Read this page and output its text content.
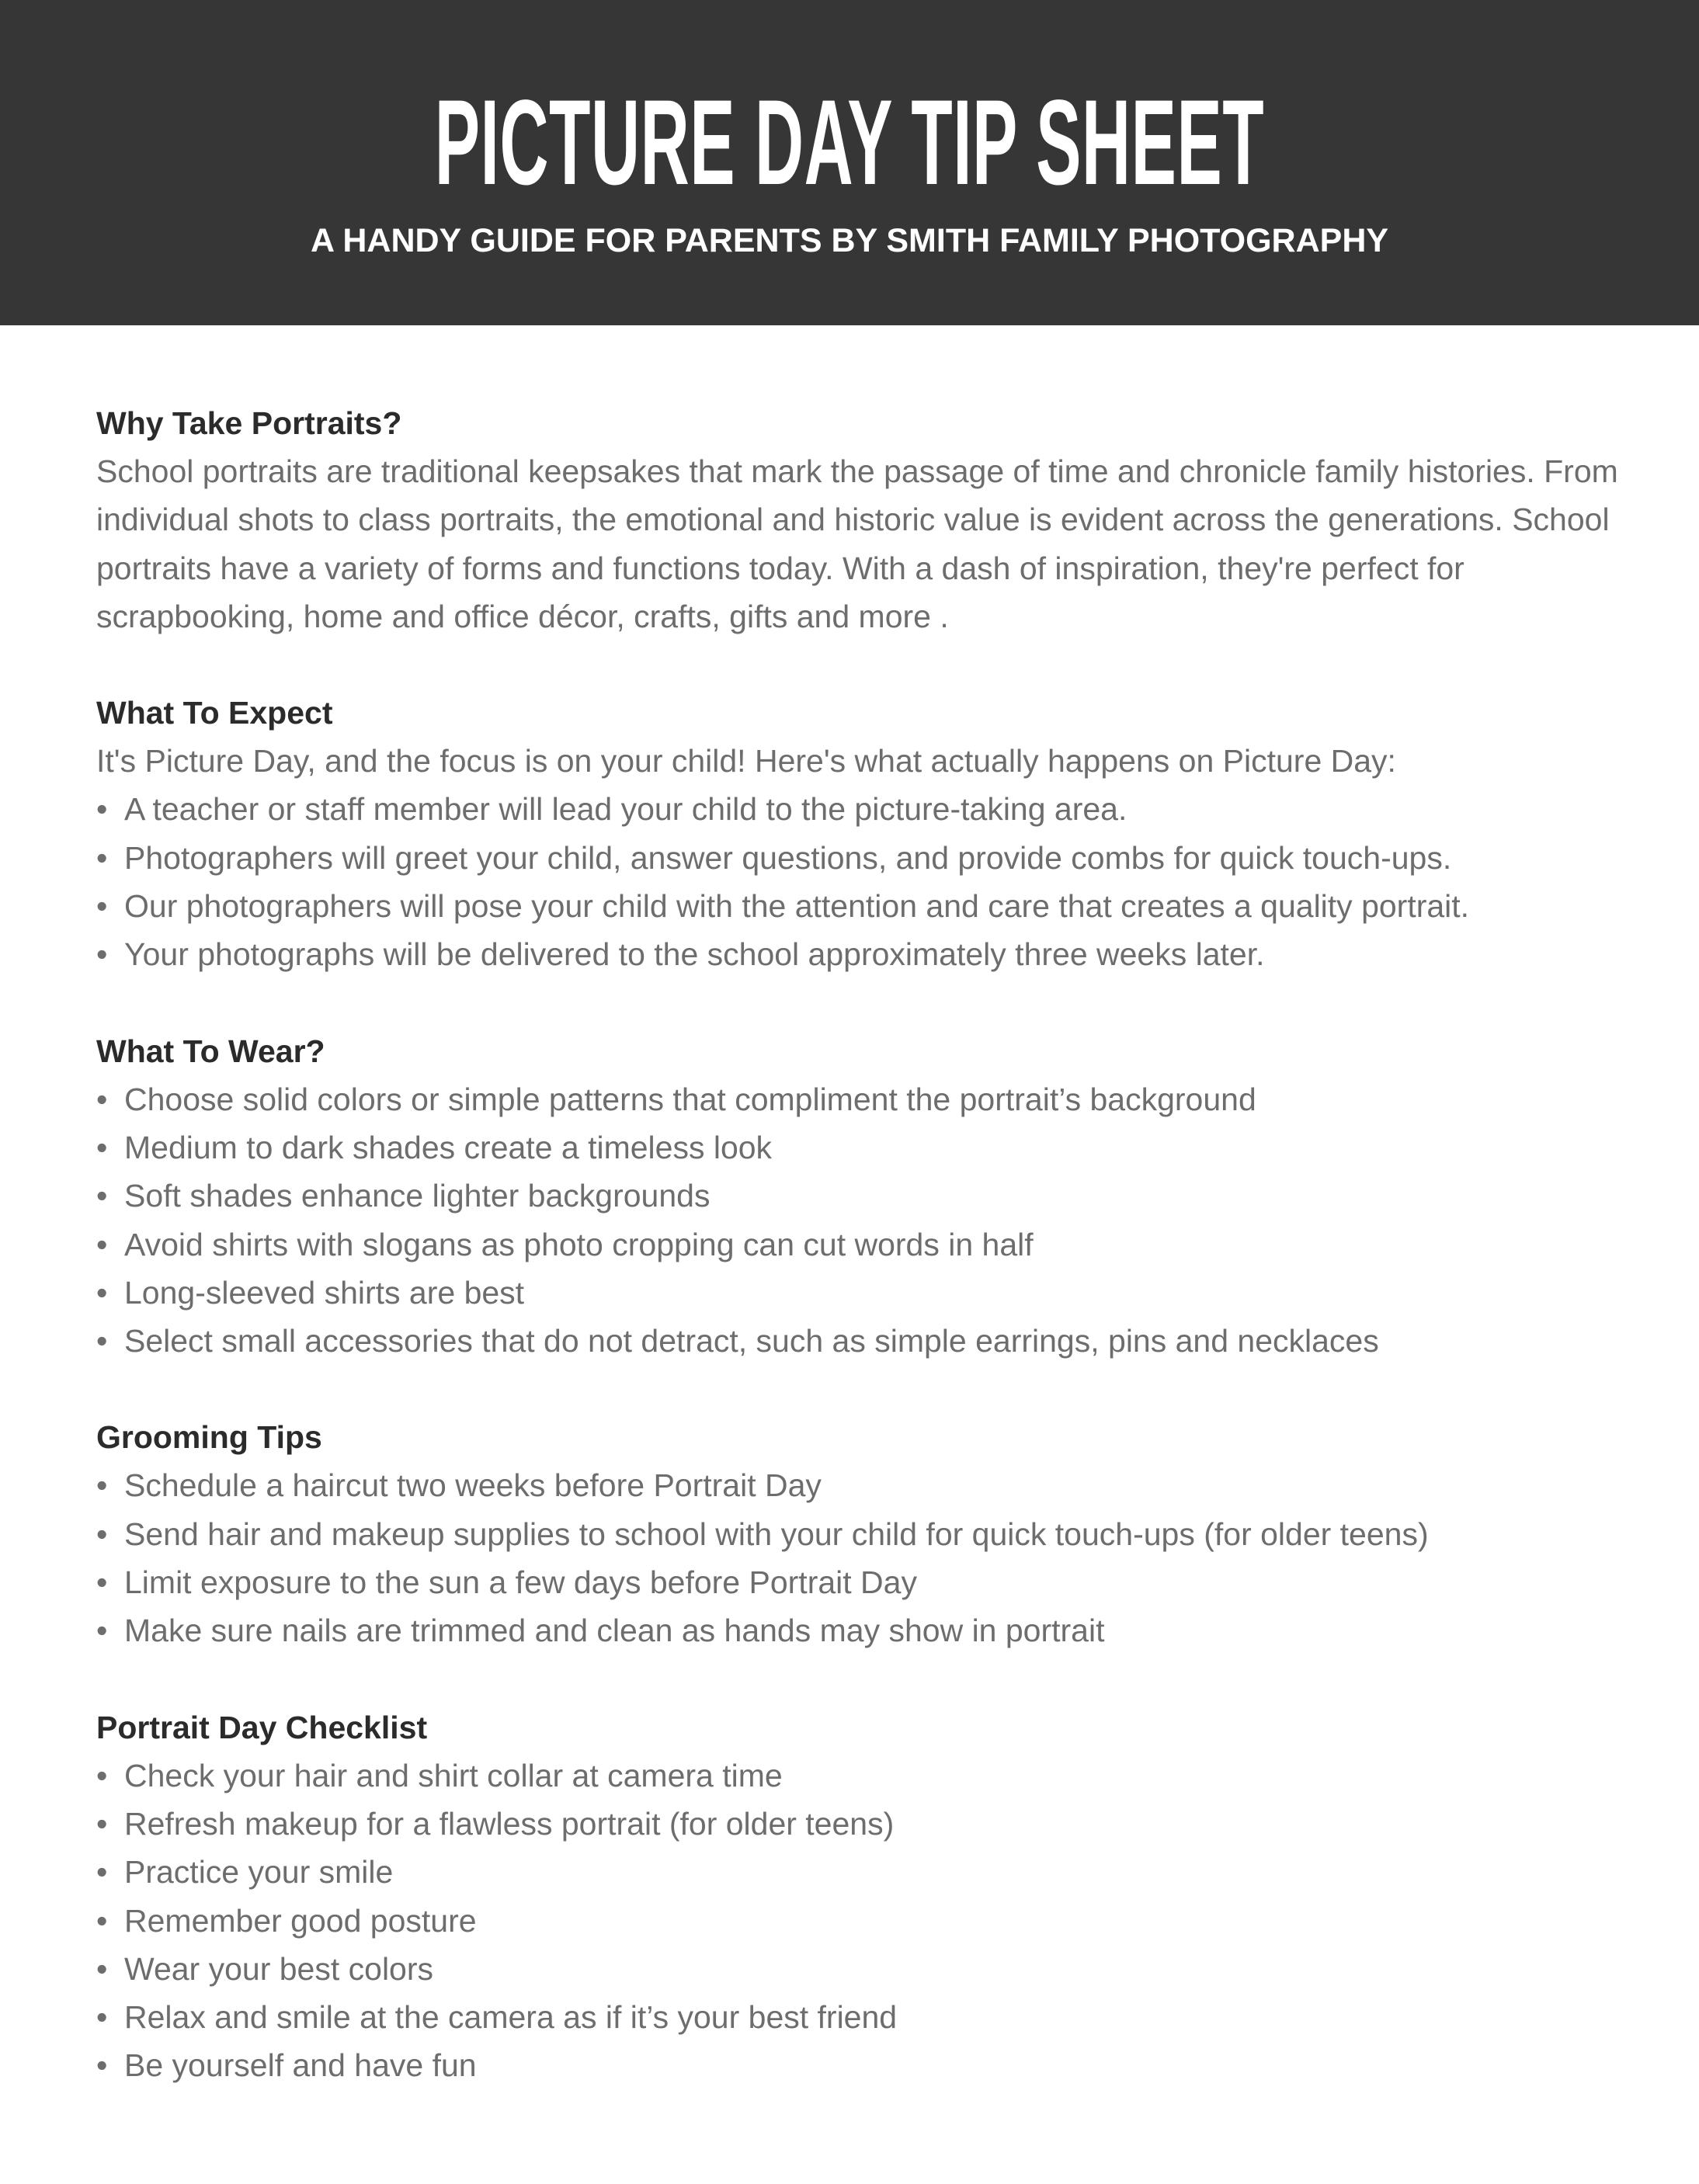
PICTURE DAY TIP SHEET
A HANDY GUIDE FOR PARENTS BY SMITH FAMILY PHOTOGRAPHY
Why Take Portraits?

School portraits are traditional keepsakes that mark the passage of time and chronicle family histories. From individual shots to class portraits, the emotional and historic value is evident across the generations. School portraits have a variety of forms and functions today. With a dash of inspiration, they're perfect for scrapbooking, home and office décor, crafts, gifts and more .

What To Expect

It's Picture Day, and the focus is on your child! Here's what actually happens on Picture Day:

• A teacher or staff member will lead your child to the picture-taking area.
• Photographers will greet your child, answer questions, and provide combs for quick touch-ups.
• Our photographers will pose your child with the attention and care that creates a quality portrait.
• Your photographs will be delivered to the school approximately three weeks later.
What To Wear?
• Choose solid colors or simple patterns that compliment the portrait’s background
• Medium to dark shades create a timeless look
• Soft shades enhance lighter backgrounds
• Avoid shirts with slogans as photo cropping can cut words in half
• Long-sleeved shirts are best
• Select small accessories that do not detract, such as simple earrings, pins and necklaces
Grooming Tips
• Schedule a haircut two weeks before Portrait Day
• Send hair and makeup supplies to school with your child for quick touch-ups (for older teens)
• Limit exposure to the sun a few days before Portrait Day
• Make sure nails are trimmed and clean as hands may show in portrait
Portrait Day Checklist
• Check your hair and shirt collar at camera time
• Refresh makeup for a flawless portrait (for older teens)
• Practice your smile
• Remember good posture
• Wear your best colors
• Relax and smile at the camera as if it’s your best friend
• Be yourself and have fun
